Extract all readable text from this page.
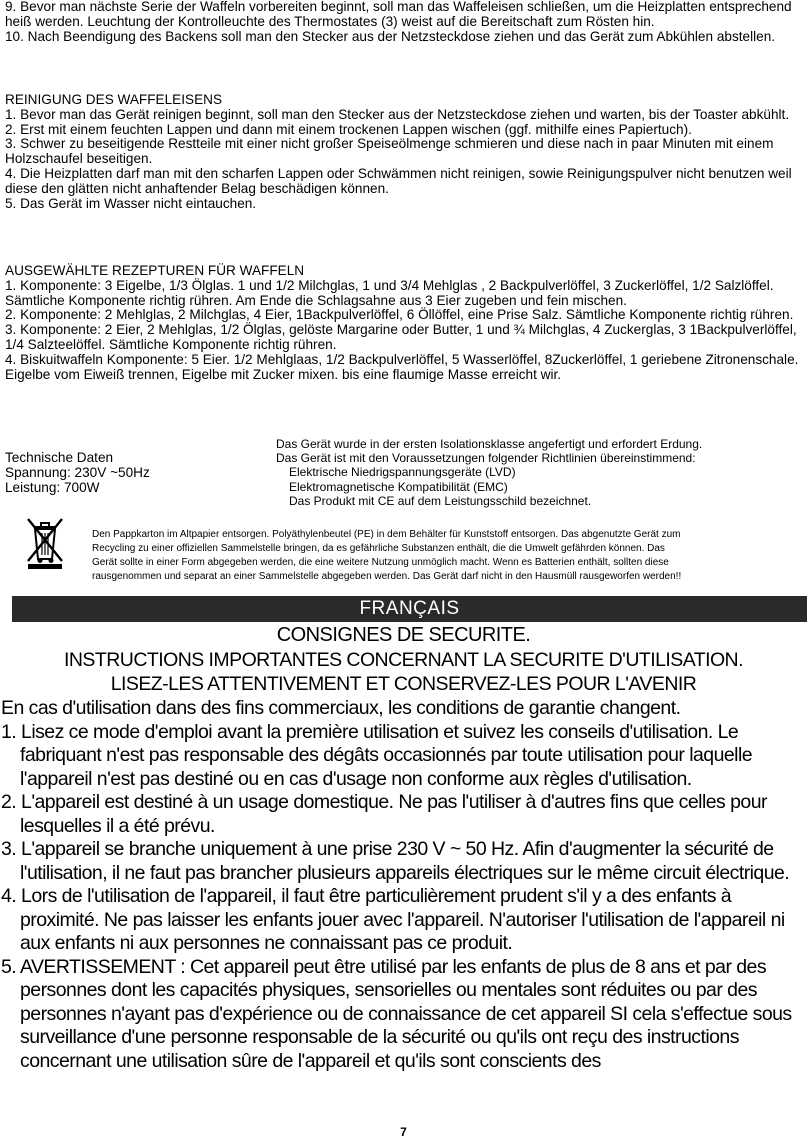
9. Bevor man nächste Serie der Waffeln vorbereiten beginnt, soll man das Waffeleisen schließen, um die Heizplatten entsprechend heiß werden. Leuchtung der Kontrolleuchte des Thermostates (3) weist auf die Bereitschaft zum Rösten hin.

10. Nach Beendigung des Backens soll man den Stecker aus der Netzsteckdose ziehen und das Gerät zum Abkühlen abstellen.

REINIGUNG DES WAFFELEISENS

1. Bevor man das Gerät reinigen beginnt, soll man den Stecker aus der Netzsteckdose ziehen und warten, bis der Toaster abkühlt.

2. Erst mit einem feuchten Lappen und dann mit einem trockenen Lappen wischen (ggf. mithilfe eines Papiertuch).

3. Schwer zu beseitigende Restteile mit einer nicht großer Speiseölmenge schmieren und diese nach in paar Minuten mit einem Holzschaufel beseitigen.

4. Die Heizplatten darf man mit den scharfen Lappen oder Schwämmen nicht reinigen, sowie Reinigungspulver nicht benutzen weil diese den glätten nicht anhaftender Belag beschädigen können.

5. Das Gerät im Wasser nicht eintauchen.

AUSGEWÄHLTE REZEPTUREN FÜR WAFFELN

1. Komponente: 3 Eigelbe, 1/3 Ölglas. 1 und 1/2 Milchglas, 1 und 3/4 Mehlglas , 2 Backpulverlöffel, 3 Zuckerlöffel, 1/2 Salzlöffel. Sämtliche Komponente richtig rühren. Am Ende die Schlagsahne aus 3 Eier zugeben und fein mischen.

2. Komponente: 2 Mehlglas, 2 Milchglas, 4 Eier, 1Backpulverlöffel, 6 Öllöffel, eine Prise Salz. Sämtliche Komponente richtig rühren.

3. Komponente: 2 Eier, 2 Mehlglas, 1/2 Ölglas, gelöste Margarine oder Butter, 1 und ¾ Milchglas, 4 Zuckerglas, 3 1Backpulverlöffel, 1/4 Salzteelöffel. Sämtliche Komponente richtig rühren.

4. Biskuitwaffeln Komponente: 5 Eier. 1/2 Mehlglaas, 1/2 Backpulverlöffel, 5 Wasserlöffel, 8Zuckerlöffel, 1 geriebene Zitronenschale. Eigelbe vom Eiweiß trennen, Eigelbe mit Zucker mixen. bis eine flaumige Masse erreicht wir.

Technische Daten

Spannung: 230V ~50Hz

Leistung: 700W

Das Gerät wurde in der ersten Isolationsklasse angefertigt und erfordert Erdung.

Das Gerät ist mit den Voraussetzungen folgender Richtlinien übereinstimmend:

Elektrische Niedrigspannungsgeräte (LVD)

Elektromagnetische Kompatibilität (EMC)

Das Produkt mit CE auf dem Leistungsschild bezeichnet.

Den Pappkarton im Altpapier entsorgen. Polyäthylenbeutel (PE) in dem Behälter für Kunststoff entsorgen. Das abgenutzte Gerät zum

Recycling zu einer offiziellen Sammelstelle bringen, da es gefährliche Substanzen enthält, die die Umwelt gefährden können. Das

Gerät sollte in einer Form abgegeben werden, die eine weitere Nutzung unmöglich macht. Wenn es Batterien enthält, sollten diese

rausgenommen und separat an einer Sammelstelle abgegeben werden. Das Gerät darf nicht in den Hausmüll rausgeworfen werden!!

FRANÇAIS
CONSIGNES DE SECURITE.
INSTRUCTIONS IMPORTANTES CONCERNANT LA SECURITE D'UTILISATION.
LISEZ-LES ATTENTIVEMENT ET CONSERVEZ-LES POUR L'AVENIR

En cas d'utilisation dans des fins commerciaux, les conditions de garantie changent.

1. Lisez ce mode d'emploi avant la première utilisation et suivez les conseils d'utilisation. Le fabriquant n'est pas responsable des dégâts occasionnés par toute utilisation pour laquelle l'appareil n'est pas destiné ou en cas d'usage non conforme aux règles d'utilisation.

2. L'appareil est destiné à un usage domestique. Ne pas l'utiliser à d'autres fins que celles pour lesquelles il a été prévu.

3. L'appareil se branche uniquement à une prise 230 V ~ 50 Hz. Afin d'augmenter la sécurité de l'utilisation, il ne faut pas brancher plusieurs appareils électriques sur le même circuit électrique.

4. Lors de l'utilisation de l'appareil, il faut être particulièrement prudent s'il y a des enfants à proximité. Ne pas laisser les enfants jouer avec l'appareil. N'autoriser l'utilisation de l'appareil ni aux enfants ni aux personnes ne connaissant pas ce produit.

5. AVERTISSEMENT : Cet appareil peut être utilisé par les enfants de plus de 8 ans et par des personnes dont les capacités physiques, sensorielles ou mentales sont réduites ou par des personnes n'ayant pas d'expérience ou de connaissance de cet appareil SI cela s'effectue sous surveillance d'une personne responsable de la sécurité ou qu'ils ont reçu des instructions concernant une utilisation sûre de l'appareil et qu'ils sont conscients des

7
